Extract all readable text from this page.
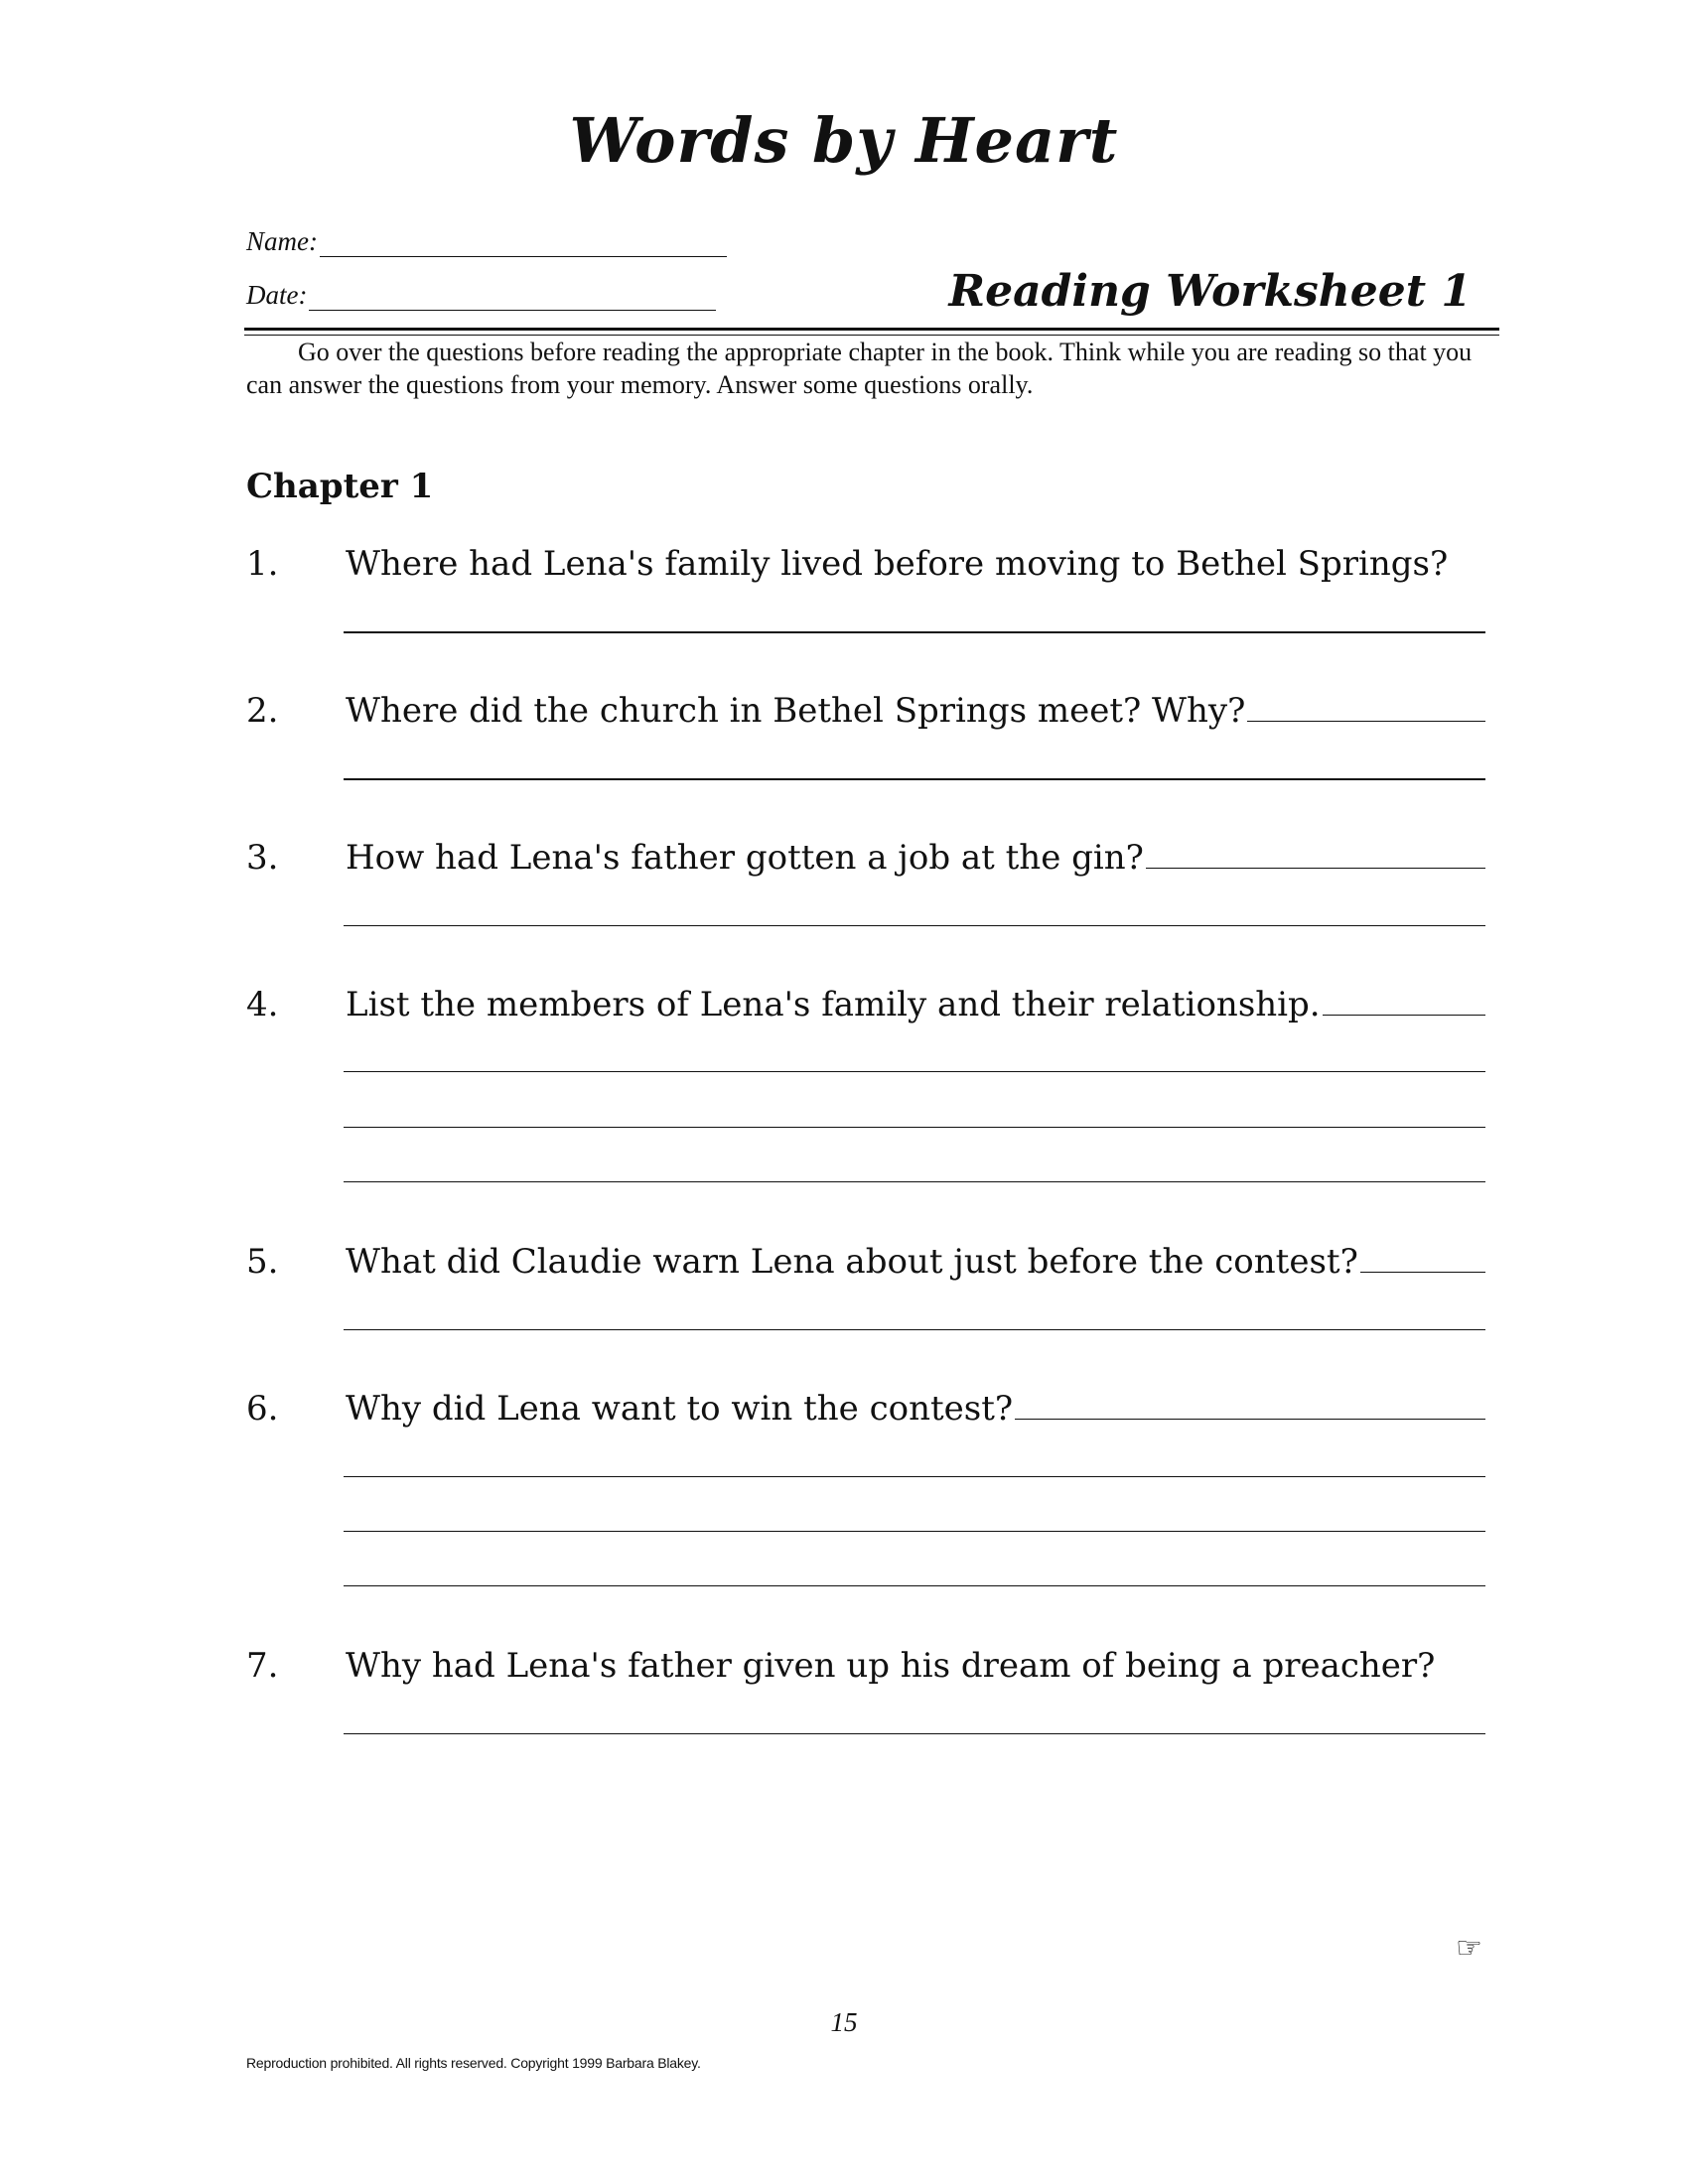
Words by Heart
Name:
Date:	Reading Worksheet 1

Go over the questions before reading the appropriate chapter in the book. Think while you are reading so that you can answer the questions from your memory. Answer some questions orally.

Chapter 1
1.	Where had Lena's family lived before moving to Bethel Springs?
2.	Where did the church in Bethel Springs meet? Why?
3.	How had Lena's father gotten a job at the gin?
4.	List the members of Lena's family and their relationship.
5.	What did Claudie warn Lena about just before the contest?
6.	Why did Lena want to win the contest?
7.	Why had Lena's father given up his dream of being a preacher?
☞
15
Reproduction prohibited. All rights reserved. Copyright 1999 Barbara Blakey.
